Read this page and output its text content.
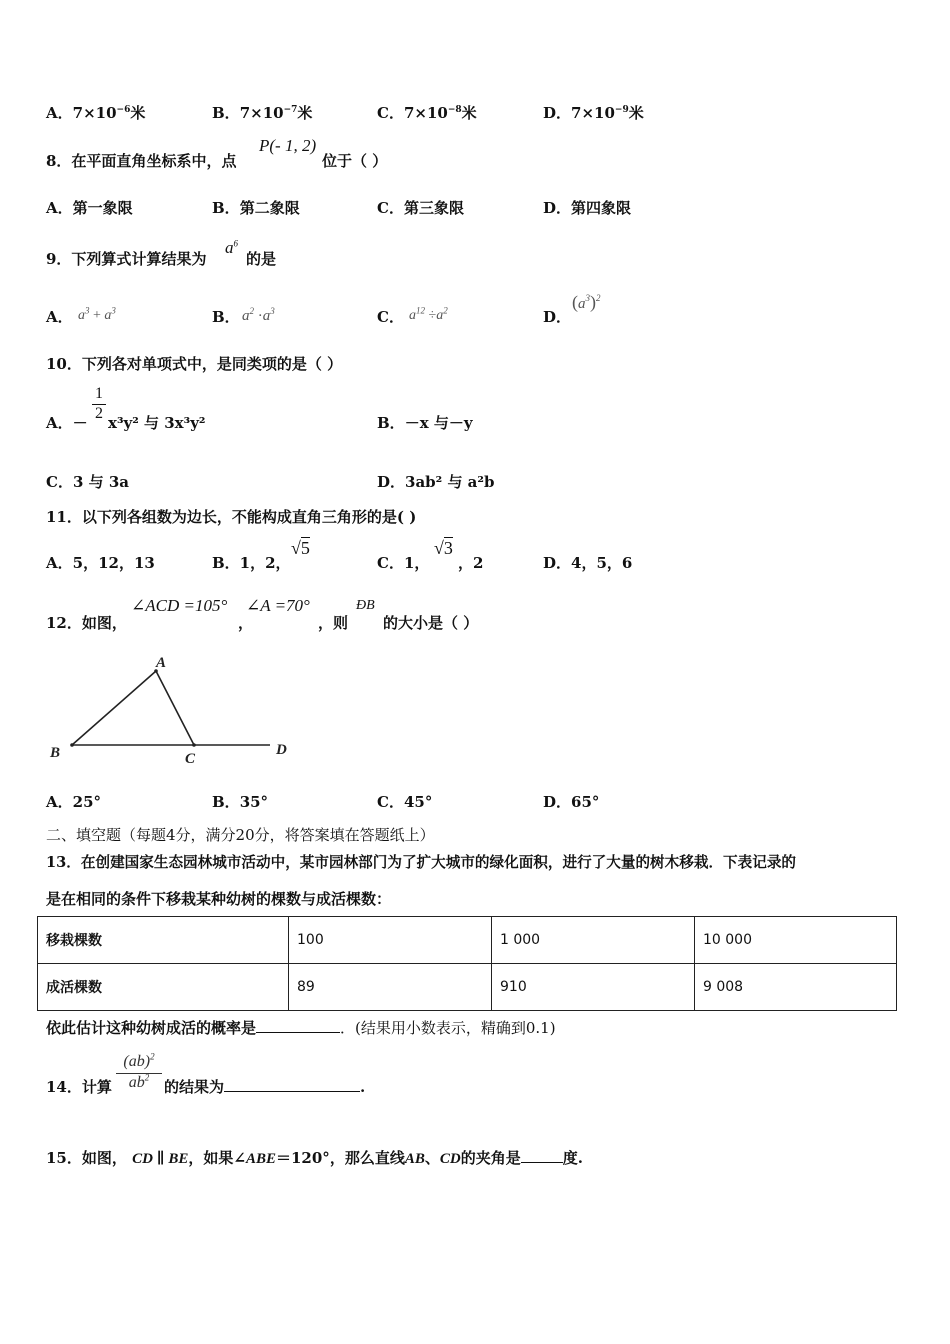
A．$7\times 10^{-6}$米	B．$7\times 10^{-7}$米	C．$7\times 10^{-8}$米	D．$7\times 10^{-9}$米
8．在平面直角坐标系中，点
P(- 1, 2)
位于（ ）
A．第一象限	B．第二象限	C．第三象限	D．第四象限
9．下列算式计算结果为
$a^6$
的是
A． $a^3 + a^3$	B． $a^2 \cdot a^3$	C． $a^{12} \div a^2$	D．
$(a^3)^2$
10．下列各对单项式中，是同类项的是（ ）
A．－ $\frac{1}{2} x^3y^2$ 与 3x³y²	B．－x 与－y
C．3 与 3a	D．3ab² 与 a²b
11．以下列各组数为边长，不能构成直角三角形的是( )
A．5，12，13	B．1，2，
√5
C．1，
√3
，2	D．4，5，6
12．如图，
∠ACD =105°
，
∠A =70°
，则
ÐB
的大小是（ ）
A
B	C
D
A．25°	B．35°	C．45°	D．65°
二、填空题（每题4分，满分20分，将答案填在答题纸上）
13．在创建国家生态园林城市活动中，某市园林部门为了扩大城市的绿化面积，进行了大量的树木移栽．下表记录的
是在相同的条件下移栽某种幼树的棵数与成活棵数：
移栽棵数	100	1 000	10 000
成活棵数	89	910	9 008
依此估计这种幼树成活的概率是	．(结果用小数表示，精确到0.1)
14．计算 $\frac{(ab)^2}{ab^2}$ 的结果为	.
15．如图， CD ∥ BE，如果∠ABE＝120°，那么直线AB、CD的夹角是	度.
